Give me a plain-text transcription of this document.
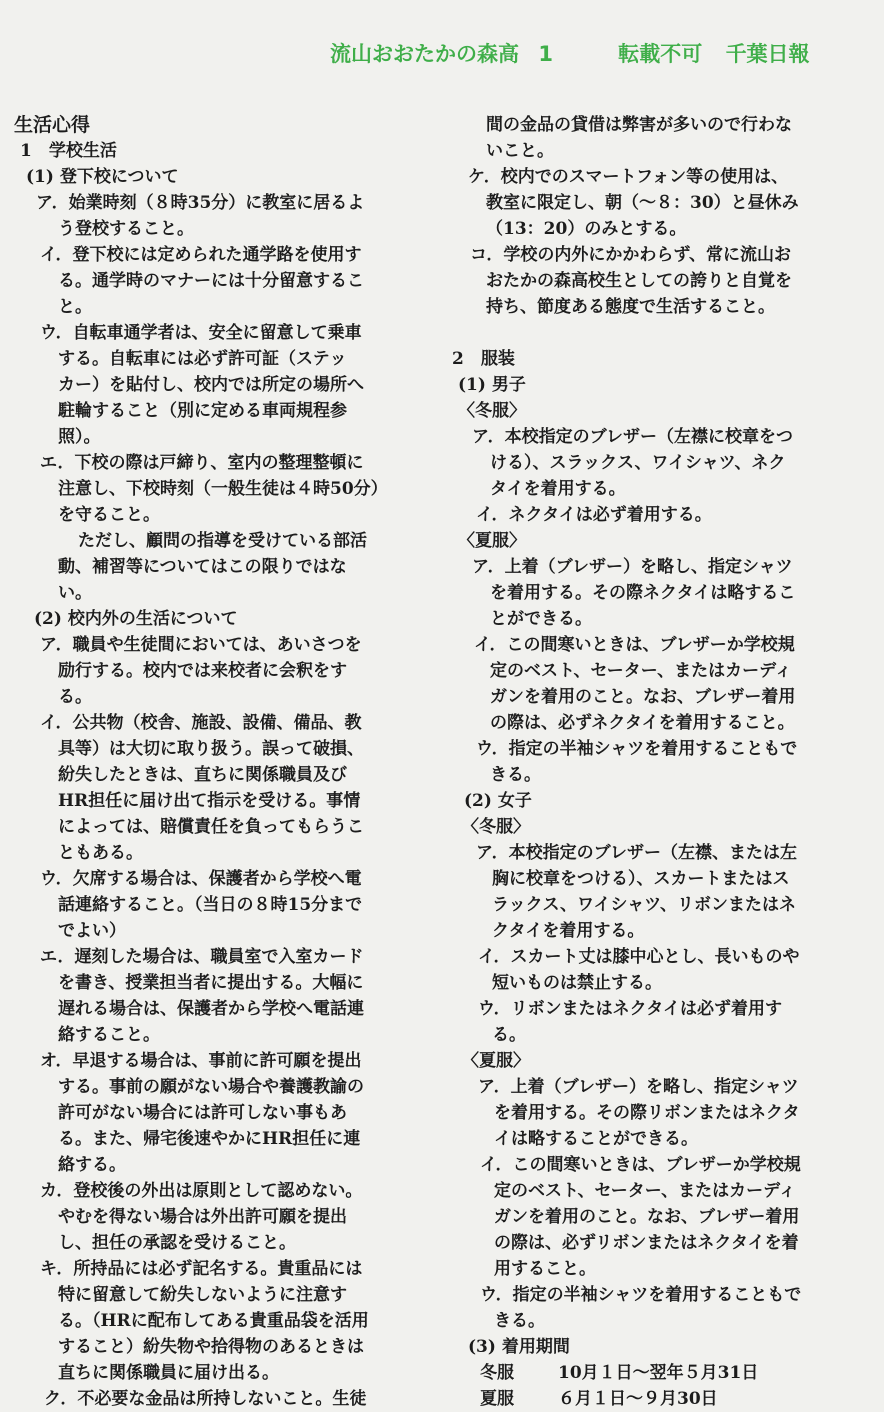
流山おおたかの森高 1	転載不可 千葉日報
生活心得
1　学校生活
(1) 登下校について
ア．始業時刻（８時35分）に教室に居るよ
う登校すること。
イ．登下校には定められた通学路を使用す
る。通学時のマナーには十分留意するこ
と。
ウ．自転車通学者は、安全に留意して乗車
する。自転車には必ず許可証（ステッ
カー）を貼付し、校内では所定の場所へ
駐輪すること（別に定める車両規程参
照）。
エ．下校の際は戸締り、室内の整理整頓に
注意し、下校時刻（一般生徒は４時50分）
を守ること。
ただし、顧問の指導を受けている部活
動、補習等についてはこの限りではな
い。
(2) 校内外の生活について
ア．職員や生徒間においては、あいさつを
励行する。校内では来校者に会釈をす
る。
イ．公共物（校舎、施設、設備、備品、教
具等）は大切に取り扱う。誤って破損、
紛失したときは、直ちに関係職員及び
HR担任に届け出て指示を受ける。事情
によっては、賠償責任を負ってもらうこ
ともある。
ウ．欠席する場合は、保護者から学校へ電
話連絡すること。（当日の８時15分まで
でよい）
エ．遅刻した場合は、職員室で入室カード
を書き、授業担当者に提出する。大幅に
遅れる場合は、保護者から学校へ電話連
絡すること。
オ．早退する場合は、事前に許可願を提出
する。事前の願がない場合や養護教諭の
許可がない場合には許可しない事もあ
る。また、帰宅後速やかにHR担任に連
絡する。
カ．登校後の外出は原則として認めない。
やむを得ない場合は外出許可願を提出
し、担任の承認を受けること。
キ．所持品には必ず記名する。貴重品には
特に留意して紛失しないように注意す
る。（HRに配布してある貴重品袋を活用
すること）紛失物や拾得物のあるときは
直ちに関係職員に届け出る。
ク．不必要な金品は所持しないこと。生徒
間の金品の貸借は弊害が多いので行わな
いこと。
ケ．校内でのスマートフォン等の使用は、
教室に限定し、朝（～８：30）と昼休み
（13：20）のみとする。
コ．学校の内外にかかわらず、常に流山お
おたかの森高校生としての誇りと自覚を
持ち、節度ある態度で生活すること。
2　服装
(1) 男子
〈冬服〉
ア．本校指定のブレザー（左襟に校章をつ
ける）、スラックス、ワイシャツ、ネク
タイを着用する。
イ．ネクタイは必ず着用する。
〈夏服〉
ア．上着（ブレザー）を略し、指定シャツ
を着用する。その際ネクタイは略するこ
とができる。
イ．この間寒いときは、ブレザーか学校規
定のベスト、セーター、またはカーディ
ガンを着用のこと。なお、ブレザー着用
の際は、必ずネクタイを着用すること。
ウ．指定の半袖シャツを着用することもで
きる。
(2) 女子
〈冬服〉
ア．本校指定のブレザー（左襟、または左
胸に校章をつける）、スカートまたはス
ラックス、ワイシャツ、リボンまたはネ
クタイを着用する。
イ．スカート丈は膝中心とし、長いものや
短いものは禁止する。
ウ．リボンまたはネクタイは必ず着用す
る。
〈夏服〉
ア．上着（ブレザー）を略し、指定シャツ
を着用する。その際リボンまたはネクタ
イは略することができる。
イ．この間寒いときは、ブレザーか学校規
定のベスト、セーター、またはカーディ
ガンを着用のこと。なお、ブレザー着用
の際は、必ずリボンまたはネクタイを着
用すること。
ウ．指定の半袖シャツを着用することもで
きる。
(3) 着用期間
冬服	10月１日～翌年５月31日
夏服	６月１日～９月30日
